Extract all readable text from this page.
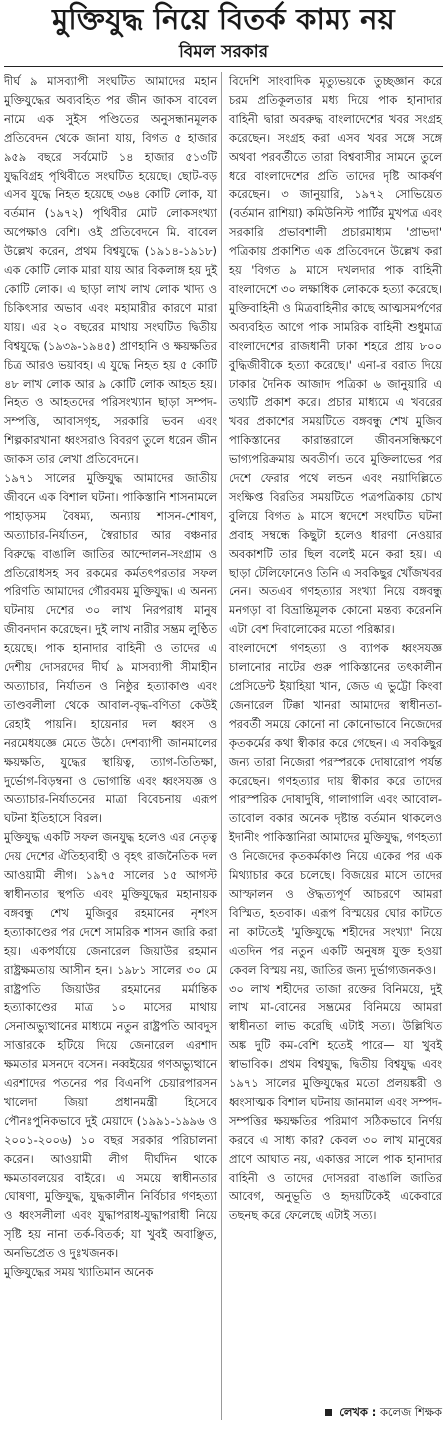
মুক্তিযুদ্ধ নিয়ে বিতর্ক কাম্য নয়
বিমল সরকার

দীর্ঘ ৯ মাসব্যাপী সংঘটিত আমাদের মহান মুক্তিযুদ্ধের অব্যবহিত পর জীন জাকস বাবেল নামে এক সুইস পণ্ডিতের অনুসন্ধানমূলক প্রতিবেদন থেকে জানা যায়, বিগত ৫ হাজার ৯৫৯ বছরে সর্বমোট ১৪ হাজার ৫১৩টি যুদ্ধবিগ্রহ পৃথিবীতে সংঘটিত হয়েছে। ছোট-বড় এসব যুদ্ধে নিহত হয়েছে ৩৬৪ কোটি লোক, যা বর্তমান (১৯৭২) পৃথিবীর মোট লোকসংখ্যা অপেক্ষাও বেশি। ওই প্রতিবেদনে মি. বাবেল উল্লেখ করেন, প্রথম বিশ্বযুদ্ধে (১৯১৪-১৯১৮) এক কোটি লোক মারা যায় আর বিকলাঙ্গ হয় দুই কোটি লোক। এ ছাড়া লাখ লাখ লোক খাদ্য ও চিকিৎসার অভাব এবং মহামারীর কারণে মারা যায়। এর ২০ বছরের মাথায় সংঘটিত দ্বিতীয় বিশ্বযুদ্ধে (১৯৩৯-১৯৪৫) প্রাণহানি ও ক্ষয়ক্ষতির চিত্র আরও ভয়াবহ। এ যুদ্ধে নিহত হয় ৫ কোটি ৪৮ লাখ লোক আর ৯ কোটি লোক আহত হয়। নিহত ও আহতদের পরিসংখ্যান ছাড়া সম্পদ-সম্পত্তি, আবাসগৃহ, সরকারি ভবন এবং শিল্পকারখানা ধ্বংসরাও বিবরণ তুলে ধরেন জীন জাকস তার লেখা প্রতিবেদনে।

১৯৭১ সালের মুক্তিযুদ্ধ আমাদের জাতীয় জীবনে এক বিশাল ঘটনা। পাকিস্তানি শাসনামলে পাহাড়সম বৈষম্য, অন্যায় শাসন-শোষণ, অত্যাচার-নির্যাতন, স্বৈরাচার আর বঞ্চনার বিরুদ্ধে বাঙালি জাতির আন্দোলন-সংগ্রাম ও প্রতিরোধসহ সব রকমের কর্মতৎপরতার সফল পরিণতি আমাদের গৌরবময় মুক্তিযুদ্ধ। এ অনন্য ঘটনায় দেশের ৩০ লাখ নিরপরাধ মানুষ জীবনদান করেছেন। দুই লাখ নারীর সম্ভ্রম লুণ্ঠিত হয়েছে। পাক হানাদার বাহিনী ও তাদের এ দেশীয় দোসরদের দীর্ঘ ৯ মাসব্যাপী সীমাহীন অত্যাচার, নির্যাতন ও নিষ্ঠুর হত্যাকাণ্ড এবং তাণ্ডবলীলা থেকে আবাল-বৃদ্ধ-বণিতা কেউই রেহাই পায়নি। হায়েনার দল ধ্বংস ও নরমেধযজ্ঞে মেতে উঠে। দেশব্যাপী জানমালের ক্ষয়ক্ষতি, যুদ্ধের স্থায়িত্ব, ত্যাগ-তিতিক্ষা, দুর্ভোগ-বিড়ম্বনা ও ভোগান্তি এবং ধ্বংসযজ্ঞ ও অত্যাচার-নির্যাতনের মাত্রা বিবেচনায় এরূপ ঘটনা ইতিহাসে বিরল।

মুক্তিযুদ্ধ একটি সফল জনযুদ্ধ হলেও এর নেতৃত্ব দেয় দেশের ঐতিহ্যবাহী ও বৃহৎ রাজনৈতিক দল আওয়ামী লীগ। ১৯৭৫ সালের ১৫ আগস্ট স্বাধীনতার স্থপতি এবং মুক্তিযুদ্ধের মহানায়ক বঙ্গবন্ধু শেখ মুজিবুর রহমানের নৃশংস হত্যাকাণ্ডের পর দেশে সামরিক শাসন জারি করা হয়। একপর্যায়ে জেনারেল জিয়াউর রহমান রাষ্ট্রক্ষমতায় আসীন হন। ১৯৮১ সালের ৩০ মে রাষ্ট্রপতি জিয়াউর রহমানের মর্মান্তিক হত্যাকাণ্ডের মাত্র ১০ মাসের মাথায় সেনাঅভ্যুত্থানের মাধ্যমে নতুন রাষ্ট্রপতি আবদুস সাত্তারকে হটিয়ে দিয়ে জেনারেল এরশাদ ক্ষমতার মসনদে বসেন। নব্বইয়ের গণঅভ্যুত্থানে এরশাদের পতনের পর বিএনপি চেয়ারপারসন খালেদা জিয়া প্রধানমন্ত্রী হিসেবে পৌনঃপুনিকভাবে দুই মেয়াদে (১৯৯১-১৯৯৬ ও ২০০১-২০০৬) ১০ বছর সরকার পরিচালনা করেন। আওয়ামী লীগ দীর্ঘদিন থাকে ক্ষমতাবলয়ের বাইরে। এ সময়ে স্বাধীনতার ঘোষণা, মুক্তিযুদ্ধ, যুদ্ধকালীন নির্বিচার গণহত্যা ও ধ্বংসলীলা এবং যুদ্ধাপরাধ-যুদ্ধাপরাধী নিয়ে সৃষ্টি হয় নানা তর্ক-বিতর্ক; যা খুবই অবাঞ্ছিত, অনভিপ্রেত ও দুঃখজনক।

মুক্তিযুদ্ধের সময় খ্যাতিমান অনেক

বিদেশি সাংবাদিক মৃত্যুভয়কে তুচ্ছজ্ঞান করে চরম প্রতিকূলতার মধ্য দিয়ে পাক হানাদার বাহিনী দ্বারা অবরুদ্ধ বাংলাদেশের খবর সংগ্রহ করেছেন। সংগ্রহ করা এসব খবর সঙ্গে সঙ্গে অথবা পরবর্তীতে তারা বিশ্ববাসীর সামনে তুলে ধরে বাংলাদেশের প্রতি তাদের দৃষ্টি আকর্ষণ করেছেন। ৩ জানুয়ারি, ১৯৭২ সোভিয়েত (বর্তমান রাশিয়া) কমিউনিস্ট পার্টির মুখপত্র এবং সরকারি প্রভাবশালী প্রচারমাধ্যম 'প্রাভদা' পত্রিকায় প্রকাশিত এক প্রতিবেদনে উল্লেখ করা হয় 'বিগত ৯ মাসে দখলদার পাক বাহিনী বাংলাদেশে ৩০ লক্ষাধিক লোককে হত্যা করেছে। মুক্তিবাহিনী ও মিত্রবাহিনীর কাছে আত্মসমর্পণের অব্যবহিত আগে পাক সামরিক বাহিনী শুধুমাত্র বাংলাদেশের রাজধানী ঢাকা শহরে প্রায় ৮০০ বুদ্ধিজীবীকে হত্যা করেছে।' এনা-র বরাত দিয়ে ঢাকার দৈনিক আজাদ পত্রিকা ৬ জানুয়ারি এ তথ্যটি প্রকাশ করে। প্রচার মাধ্যমে এ খবরের খবর প্রকাশের সময়টিতে বঙ্গবন্ধু শেখ মুজিব পাকিস্তানের কারান্তরালে জীবনসন্ধিক্ষণে ভাগ্যপরিক্রমায় অবতীর্ণ। তবে মুক্তিলাভের পর দেশে ফেরার পথে লন্ডন এবং নয়াদিল্লিতে সংক্ষিপ্ত বিরতির সময়টিতে পত্রপত্রিকায় চোখ বুলিয়ে বিগত ৯ মাসে স্বদেশে সংঘটিত ঘটনা প্রবাহ সম্বন্ধে কিছুটা হলেও ধারণা নেওয়ার অবকাশটি তার ছিল বলেই মনে করা হয়। এ ছাড়া টেলিফোনেও তিনি এ সবকিছুর খোঁজখবর নেন। অতএব গণহত্যার সংখ্যা নিয়ে বঙ্গবন্ধু মনগড়া বা বিভ্রান্তিমূলক কোনো মন্তব্য করেননি এটা বেশ দিবালোকের মতো পরিষ্কার।

বাংলাদেশে গণহত্যা ও ব্যাপক ধ্বংসযজ্ঞ চালানোর নাটের গুরু পাকিস্তানের তৎকালীন প্রেসিডেন্ট ইয়াহিয়া খান, জেড এ ভুট্টো কিংবা জেনারেল টিক্কা খানরা আমাদের স্বাধীনতা-পরবর্তী সময়ে কোনো না কোনোভাবে নিজেদের কৃতকর্মের কথা স্বীকার করে গেছেন। এ সবকিছুর জন্য তারা নিজেরা পরস্পরকে দোষারোপ পর্যন্ত করেছেন। গণহত্যার দায় স্বীকার করে তাদের পারস্পরিক দোষাদুষি, গালাগালি এবং আবোল-তাবোল বকার অনেক দৃষ্টান্ত বর্তমান থাকলেও ইদানীং পাকিস্তানিরা আমাদের মুক্তিযুদ্ধ, গণহত্যা ও নিজেদের কৃতকর্মকাণ্ড নিয়ে একের পর এক মিথ্যাচার করে চলেছে। বিজয়ের মাসে তাদের আস্ফালন ও ঔদ্ধত্যপূর্ণ আচরণে আমরা বিস্মিত, হতবাক। এরূপ বিস্ময়ের ঘোর কাটতে না কাটতেই 'মুক্তিযুদ্ধে শহীদের সংখ্যা' নিয়ে এতদিন পর নতুন একটি অনুষঙ্গ যুক্ত হওয়া কেবল বিস্ময় নয়, জাতির জন্য দুর্ভাগ্যজনকও।

৩০ লাখ শহীদের তাজা রক্তের বিনিময়ে, দুই লাখ মা-বোনের সম্ভ্রমের বিনিময়ে আমরা স্বাধীনতা লাভ করেছি এটাই সত্য। উল্লিখিত অঙ্ক দুটি কম-বেশি হতেই পারে— যা খুবই স্বাভাবিক। প্রথম বিশ্বযুদ্ধ, দ্বিতীয় বিশ্বযুদ্ধ এবং ১৯৭১ সালের মুক্তিযুদ্ধের মতো প্রলয়ঙ্করী ও ধ্বংসাত্মক বিশাল ঘটনায় জানমাল এবং সম্পদ-সম্পত্তির ক্ষয়ক্ষতির পরিমাণ সঠিকভাবে নির্ণয় করবে এ সাধ্য কার? কেবল ৩০ লাখ মানুষের প্রাণে আঘাত নয়, একাত্তর সালে পাক হানাদার বাহিনী ও তাদের দোসররা বাঙালি জাতির আবেগ, অনুভূতি ও হৃদয়টিকেই একেবারে তছনছ করে ফেলেছে এটাই সত্য।

লেখক : কলেজ শিক্ষক
